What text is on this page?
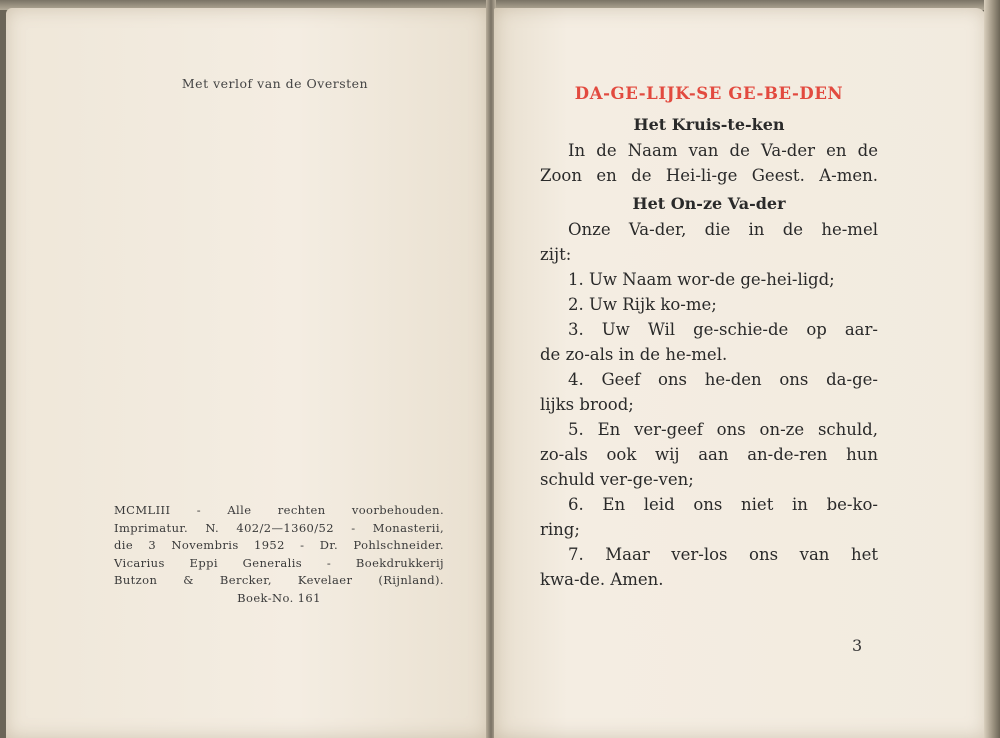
Met verlof van de Oversten
MCMLIII - Alle rechten voorbehouden.
Imprimatur. N. 402/2—1360/52 - Monasterii,
die 3 Novembris 1952 - Dr. Pohlschneider.
Vicarius Eppi Generalis - Boekdrukkerij
Butzon & Bercker, Kevelaer (Rijnland).
Boek-No. 161
DA-GE-LIJK-SE GE-BE-DEN
Het Kruis-te-ken
In de Naam van de Va-der en de
Zoon en de Hei-li-ge Geest. A-men.
Het On-ze Va-der
Onze Va-der, die in de he-mel
zijt:
1. Uw Naam wor-de ge-hei-ligd;
2. Uw Rijk ko-me;
3. Uw Wil ge-schie-de op aar-
de zo-als in de he-mel.
4. Geef ons he-den ons da-ge-
lijks brood;
5. En ver-geef ons on-ze schuld,
zo-als ook wij aan an-de-ren hun
schuld ver-ge-ven;
6. En leid ons niet in be-ko-
ring;
7. Maar ver-los ons van het
kwa-de. Amen.
3
